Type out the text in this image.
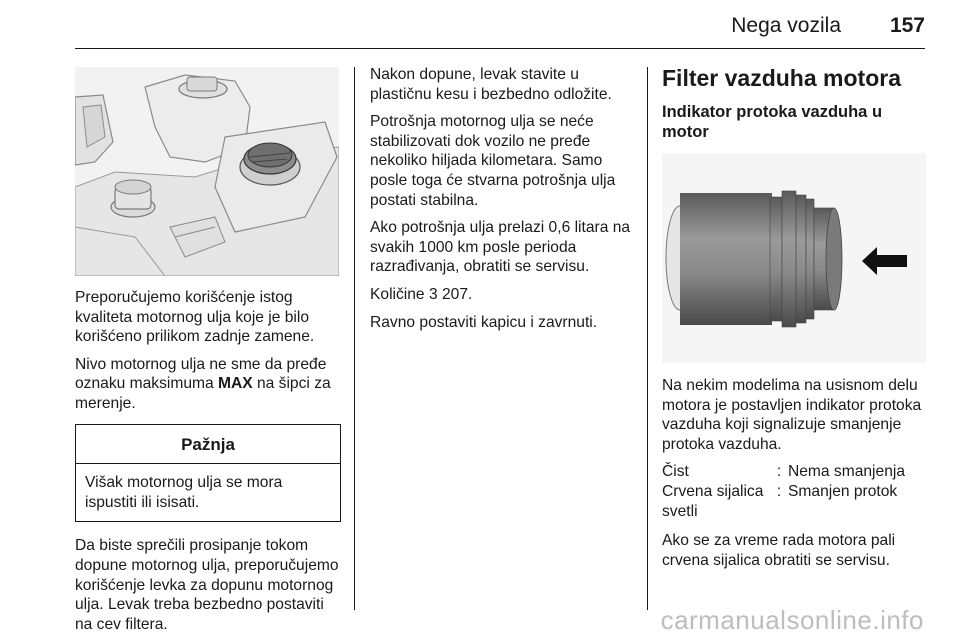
Nega vozila 157

Preporučujemo korišćenje istog kvaliteta motornog ulja koje je bilo korišćeno prilikom zadnje zamene.

Nivo motornog ulja ne sme da pređe oznaku maksimuma MAX na šipci za merenje.

Pažnja
Višak motornog ulja se mora ispustiti ili isisati.

Da biste sprečili prosipanje tokom dopune motornog ulja, preporučujemo korišćenje levka za dopunu motornog ulja. Levak treba bezbedno postaviti na cev filtera.

Nakon dopune, levak stavite u plastičnu kesu i bezbedno odložite.

Potrošnja motornog ulja se neće stabilizovati dok vozilo ne pređe nekoliko hiljada kilometara. Samo posle toga će stvarna potrošnja ulja postati stabilna.

Ako potrošnja ulja prelazi 0,6 litara na svakih 1000 km posle perioda razrađivanja, obratiti se servisu.

Količine 3 207.

Ravno postaviti kapicu i zavrnuti.

Filter vazduha motora
Indikator protoka vazduha u motor

Na nekim modelima na usisnom delu motora je postavljen indikator protoka vazduha koji signalizuje smanjenje protoka vazduha.

Čist	:	Nema smanjenja
Crvena sijalica svetli	:	Smanjen protok

Ako se za vreme rada motora pali crvena sijalica obratiti se servisu.

carmanualsonline.info
